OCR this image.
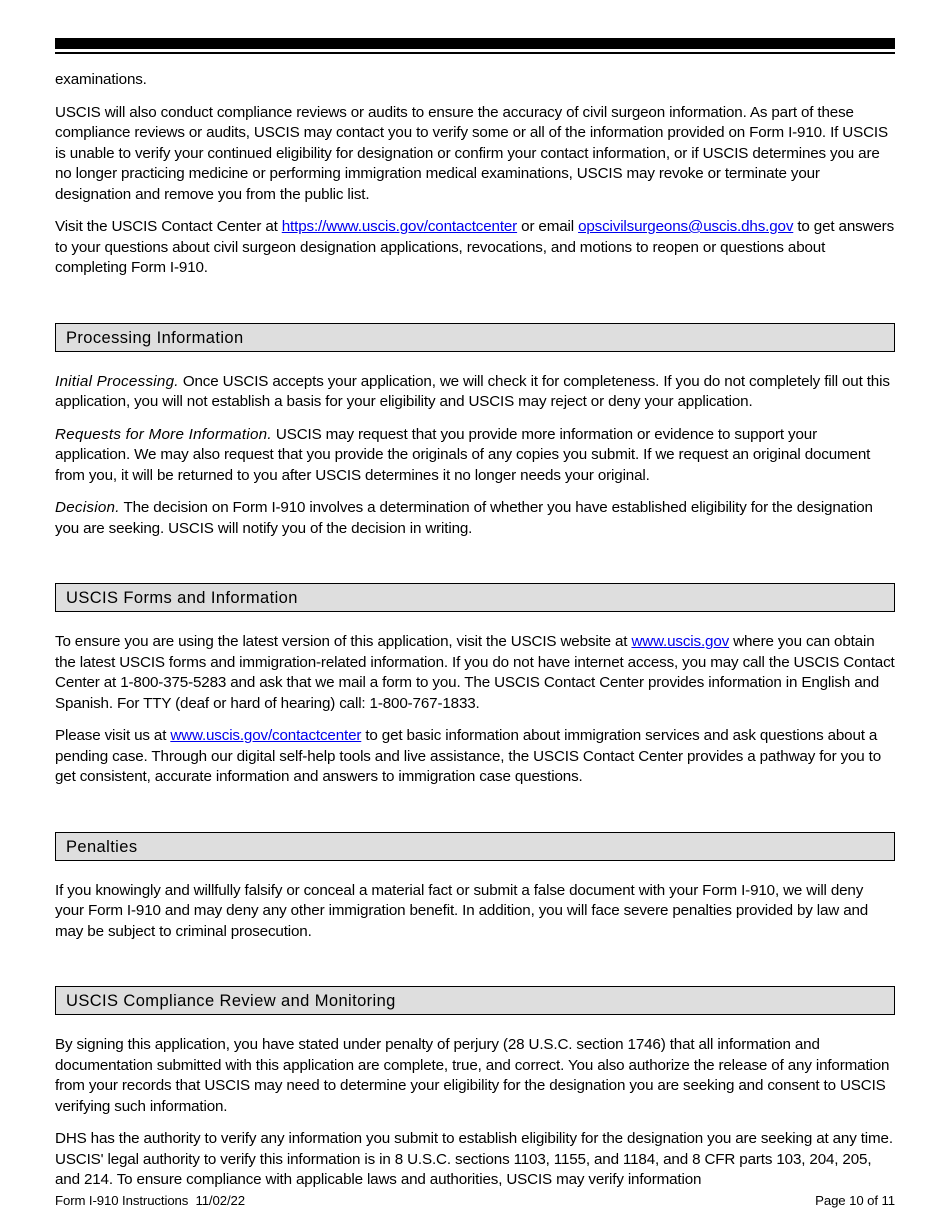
examinations.

USCIS will also conduct compliance reviews or audits to ensure the accuracy of civil surgeon information. As part of these compliance reviews or audits, USCIS may contact you to verify some or all of the information provided on Form I-910. If USCIS is unable to verify your continued eligibility for designation or confirm your contact information, or if USCIS determines you are no longer practicing medicine or performing immigration medical examinations, USCIS may revoke or terminate your designation and remove you from the public list.

Visit the USCIS Contact Center at https://www.uscis.gov/contactcenter or email opscivilsurgeons@uscis.dhs.gov to get answers to your questions about civil surgeon designation applications, revocations, and motions to reopen or questions about completing Form I-910.

Processing Information

Initial Processing. Once USCIS accepts your application, we will check it for completeness. If you do not completely fill out this application, you will not establish a basis for your eligibility and USCIS may reject or deny your application.

Requests for More Information. USCIS may request that you provide more information or evidence to support your application. We may also request that you provide the originals of any copies you submit. If we request an original document from you, it will be returned to you after USCIS determines it no longer needs your original.

Decision. The decision on Form I-910 involves a determination of whether you have established eligibility for the designation you are seeking. USCIS will notify you of the decision in writing.

USCIS Forms and Information

To ensure you are using the latest version of this application, visit the USCIS website at www.uscis.gov where you can obtain the latest USCIS forms and immigration-related information. If you do not have internet access, you may call the USCIS Contact Center at 1-800-375-5283 and ask that we mail a form to you. The USCIS Contact Center provides information in English and Spanish. For TTY (deaf or hard of hearing) call: 1-800-767-1833.

Please visit us at www.uscis.gov/contactcenter to get basic information about immigration services and ask questions about a pending case. Through our digital self-help tools and live assistance, the USCIS Contact Center provides a pathway for you to get consistent, accurate information and answers to immigration case questions.

Penalties

If you knowingly and willfully falsify or conceal a material fact or submit a false document with your Form I-910, we will deny your Form I-910 and may deny any other immigration benefit. In addition, you will face severe penalties provided by law and may be subject to criminal prosecution.

USCIS Compliance Review and Monitoring

By signing this application, you have stated under penalty of perjury (28 U.S.C. section 1746) that all information and documentation submitted with this application are complete, true, and correct. You also authorize the release of any information from your records that USCIS may need to determine your eligibility for the designation you are seeking and consent to USCIS verifying such information.

DHS has the authority to verify any information you submit to establish eligibility for the designation you are seeking at any time. USCIS' legal authority to verify this information is in 8 U.S.C. sections 1103, 1155, and 1184, and 8 CFR parts 103, 204, 205, and 214. To ensure compliance with applicable laws and authorities, USCIS may verify information

Form I-910 Instructions 11/02/22	Page 10 of 11
